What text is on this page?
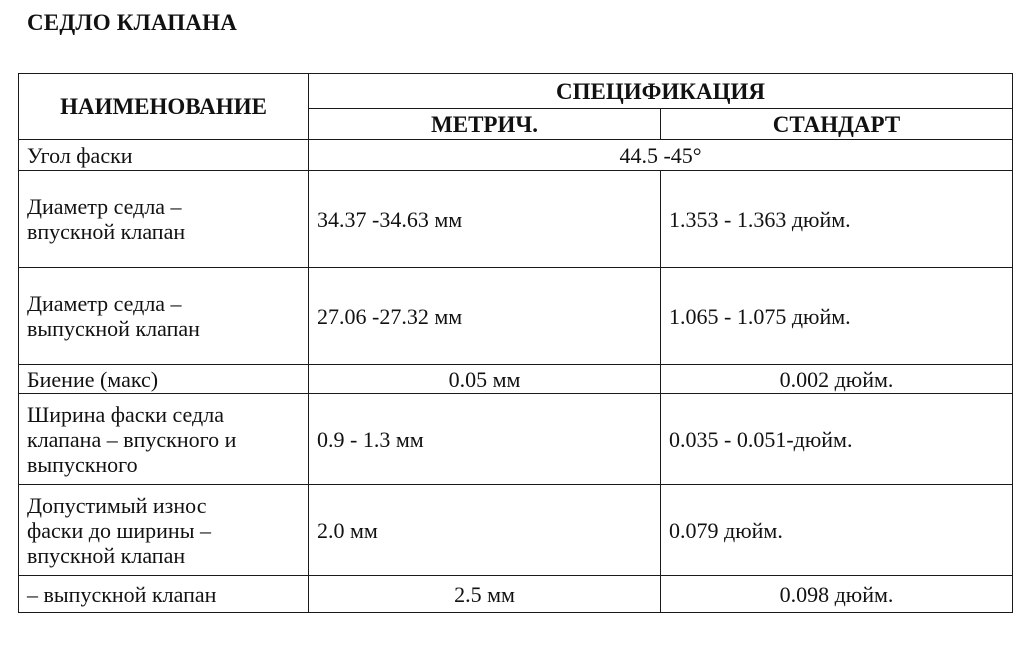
СЕДЛО КЛАПАНА
НАИМЕНОВАНИЕ	СПЕЦИФИКАЦИЯ	
	МЕТРИЧ.	СТАНДАРТ

Угол фаски	44.5 -45°	

Диаметр седла –
впускной клапан	34.37 -34.63 мм	1.353 - 1.363 дюйм.

Диаметр седла –
выпускной клапан	27.06 -27.32 мм	1.065 - 1.075 дюйм.

Биение (макс)	0.05 мм	0.002 дюйм.

Ширина фаски седла
клапана – впускного и
выпускного	0.9 - 1.3 мм	0.035 - 0.051-дюйм.

Допустимый износ
фаски до ширины –
впускной клапан	2.0 мм	0.079 дюйм.

– выпускной клапан	2.5 мм	0.098 дюйм.
